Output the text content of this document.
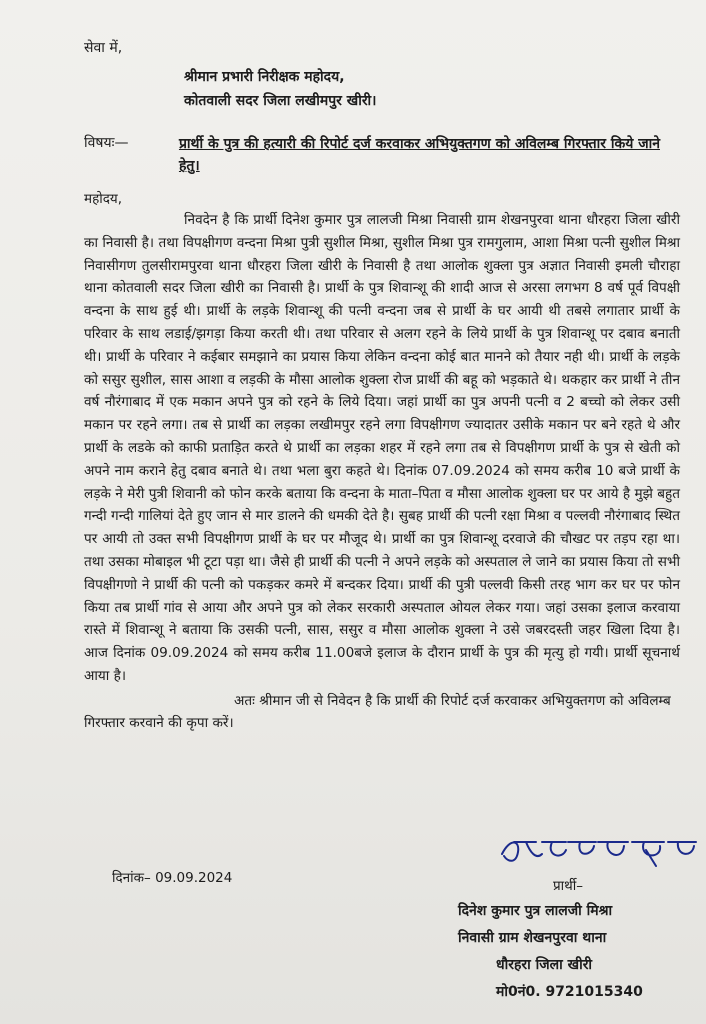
सेवा में,
श्रीमान प्रभारी निरीक्षक महोदय,
कोतवाली सदर जिला लखीमपुर खीरी।
विषयः—	प्रार्थी के पुत्र की हत्यारी की रिपोर्ट दर्ज करवाकर अभियुक्तगण को अविलम्ब गिरफ्तार किये जाने हेतु।
महोदय,

निवदेन है कि प्रार्थी दिनेश कुमार पुत्र लालजी मिश्रा निवासी ग्राम शेखनपुरवा थाना धौरहरा जिला खीरी का निवासी है। तथा विपक्षीगण वन्दना मिश्रा पुत्री सुशील मिश्रा, सुशील मिश्रा पुत्र रामगुलाम, आशा मिश्रा पत्नी सुशील मिश्रा निवासीगण तुलसीरामपुरवा थाना धौरहरा जिला खीरी के निवासी है तथा आलोक शुक्ला पुत्र अज्ञात निवासी इमली चौराहा थाना कोतवाली सदर जिला खीरी का निवासी है। प्रार्थी के पुत्र शिवान्शू की शादी आज से अरसा लगभग 8 वर्ष पूर्व विपक्षी वन्दना के साथ हुई थी। प्रार्थी के लड़के शिवान्शू की पत्नी वन्दना जब से प्रार्थी के घर आयी थी तबसे लगातार प्रार्थी के परिवार के साथ लडाई/झगड़ा किया करती थी। तथा परिवार से अलग रहने के लिये प्रार्थी के पुत्र शिवान्शू पर दबाव बनाती थी। प्रार्थी के परिवार ने कईबार समझाने का प्रयास किया लेकिन वन्दना कोई बात मानने को तैयार नही थी। प्रार्थी के लड़के को ससुर सुशील, सास आशा व लड़की के मौसा आलोक शुक्ला रोज प्रार्थी की बहू को भड़काते थे। थकहार कर प्रार्थी ने तीन वर्ष नौरंगाबाद में एक मकान अपने पुत्र को रहने के लिये दिया। जहां प्रार्थी का पुत्र अपनी पत्नी व 2 बच्चो को लेकर उसी मकान पर रहने लगा। तब से प्रार्थी का लड़का लखीमपुर रहने लगा विपक्षीगण ज्यादातर उसीके मकान पर बने रहते थे और प्रार्थी के लडके को काफी प्रताड़ित करते थे प्रार्थी का लड़का शहर में रहने लगा तब से विपक्षीगण प्रार्थी के पुत्र से खेती को अपने नाम कराने हेतु दबाव बनाते थे। तथा भला बुरा कहते थे। दिनांक 07.09.2024 को समय करीब 10 बजे प्रार्थी के लड़के ने मेरी पुत्री शिवानी को फोन करके बताया कि वन्दना के माता–पिता व मौसा आलोक शुक्ला घर पर आये है मुझे बहुत गन्दी गन्दी गालियां देते हुए जान से मार डालने की धमकी देते है। सुबह प्रार्थी की पत्नी रक्षा मिश्रा व पल्लवी नौरंगाबाद स्थित पर आयी तो उक्त सभी विपक्षीगण प्रार्थी के घर पर मौजूद थे। प्रार्थी का पुत्र शिवान्शू दरवाजे की चौखट पर तड़प रहा था। तथा उसका मोबाइल भी टूटा पड़ा था। जैसे ही प्रार्थी की पत्नी ने अपने लड़के को अस्पताल ले जाने का प्रयास किया तो सभी विपक्षीगणो ने प्रार्थी की पत्नी को पकड़कर कमरे में बन्दकर दिया। प्रार्थी की पुत्री पल्लवी किसी तरह भाग कर घर पर फोन किया तब प्रार्थी गांव से आया और अपने पुत्र को लेकर सरकारी अस्पताल ओयल लेकर गया। जहां उसका इलाज करवाया रास्ते में शिवान्शू ने बताया कि उसकी पत्नी, सास, ससुर व मौसा आलोक शुक्ला ने उसे जबरदस्ती जहर खिला दिया है। आज दिनांक 09.09.2024 को समय करीब 11.00बजे इलाज के दौरान प्रार्थी के पुत्र की मृत्यु हो गयी। प्रार्थी सूचनार्थ आया है।

अतः श्रीमान जी से निवेदन है कि प्रार्थी की रिपोर्ट दर्ज करवाकर अभियुक्तगण को अविलम्ब गिरफ्तार करवाने की कृपा करें।
दिनांक– 09.09.2024	प्रार्थी–
दिनेश कुमार पुत्र लालजी मिश्रा
निवासी ग्राम शेखनपुरवा थाना
धौरहरा जिला खीरी
मो0नं0. 9721015340
